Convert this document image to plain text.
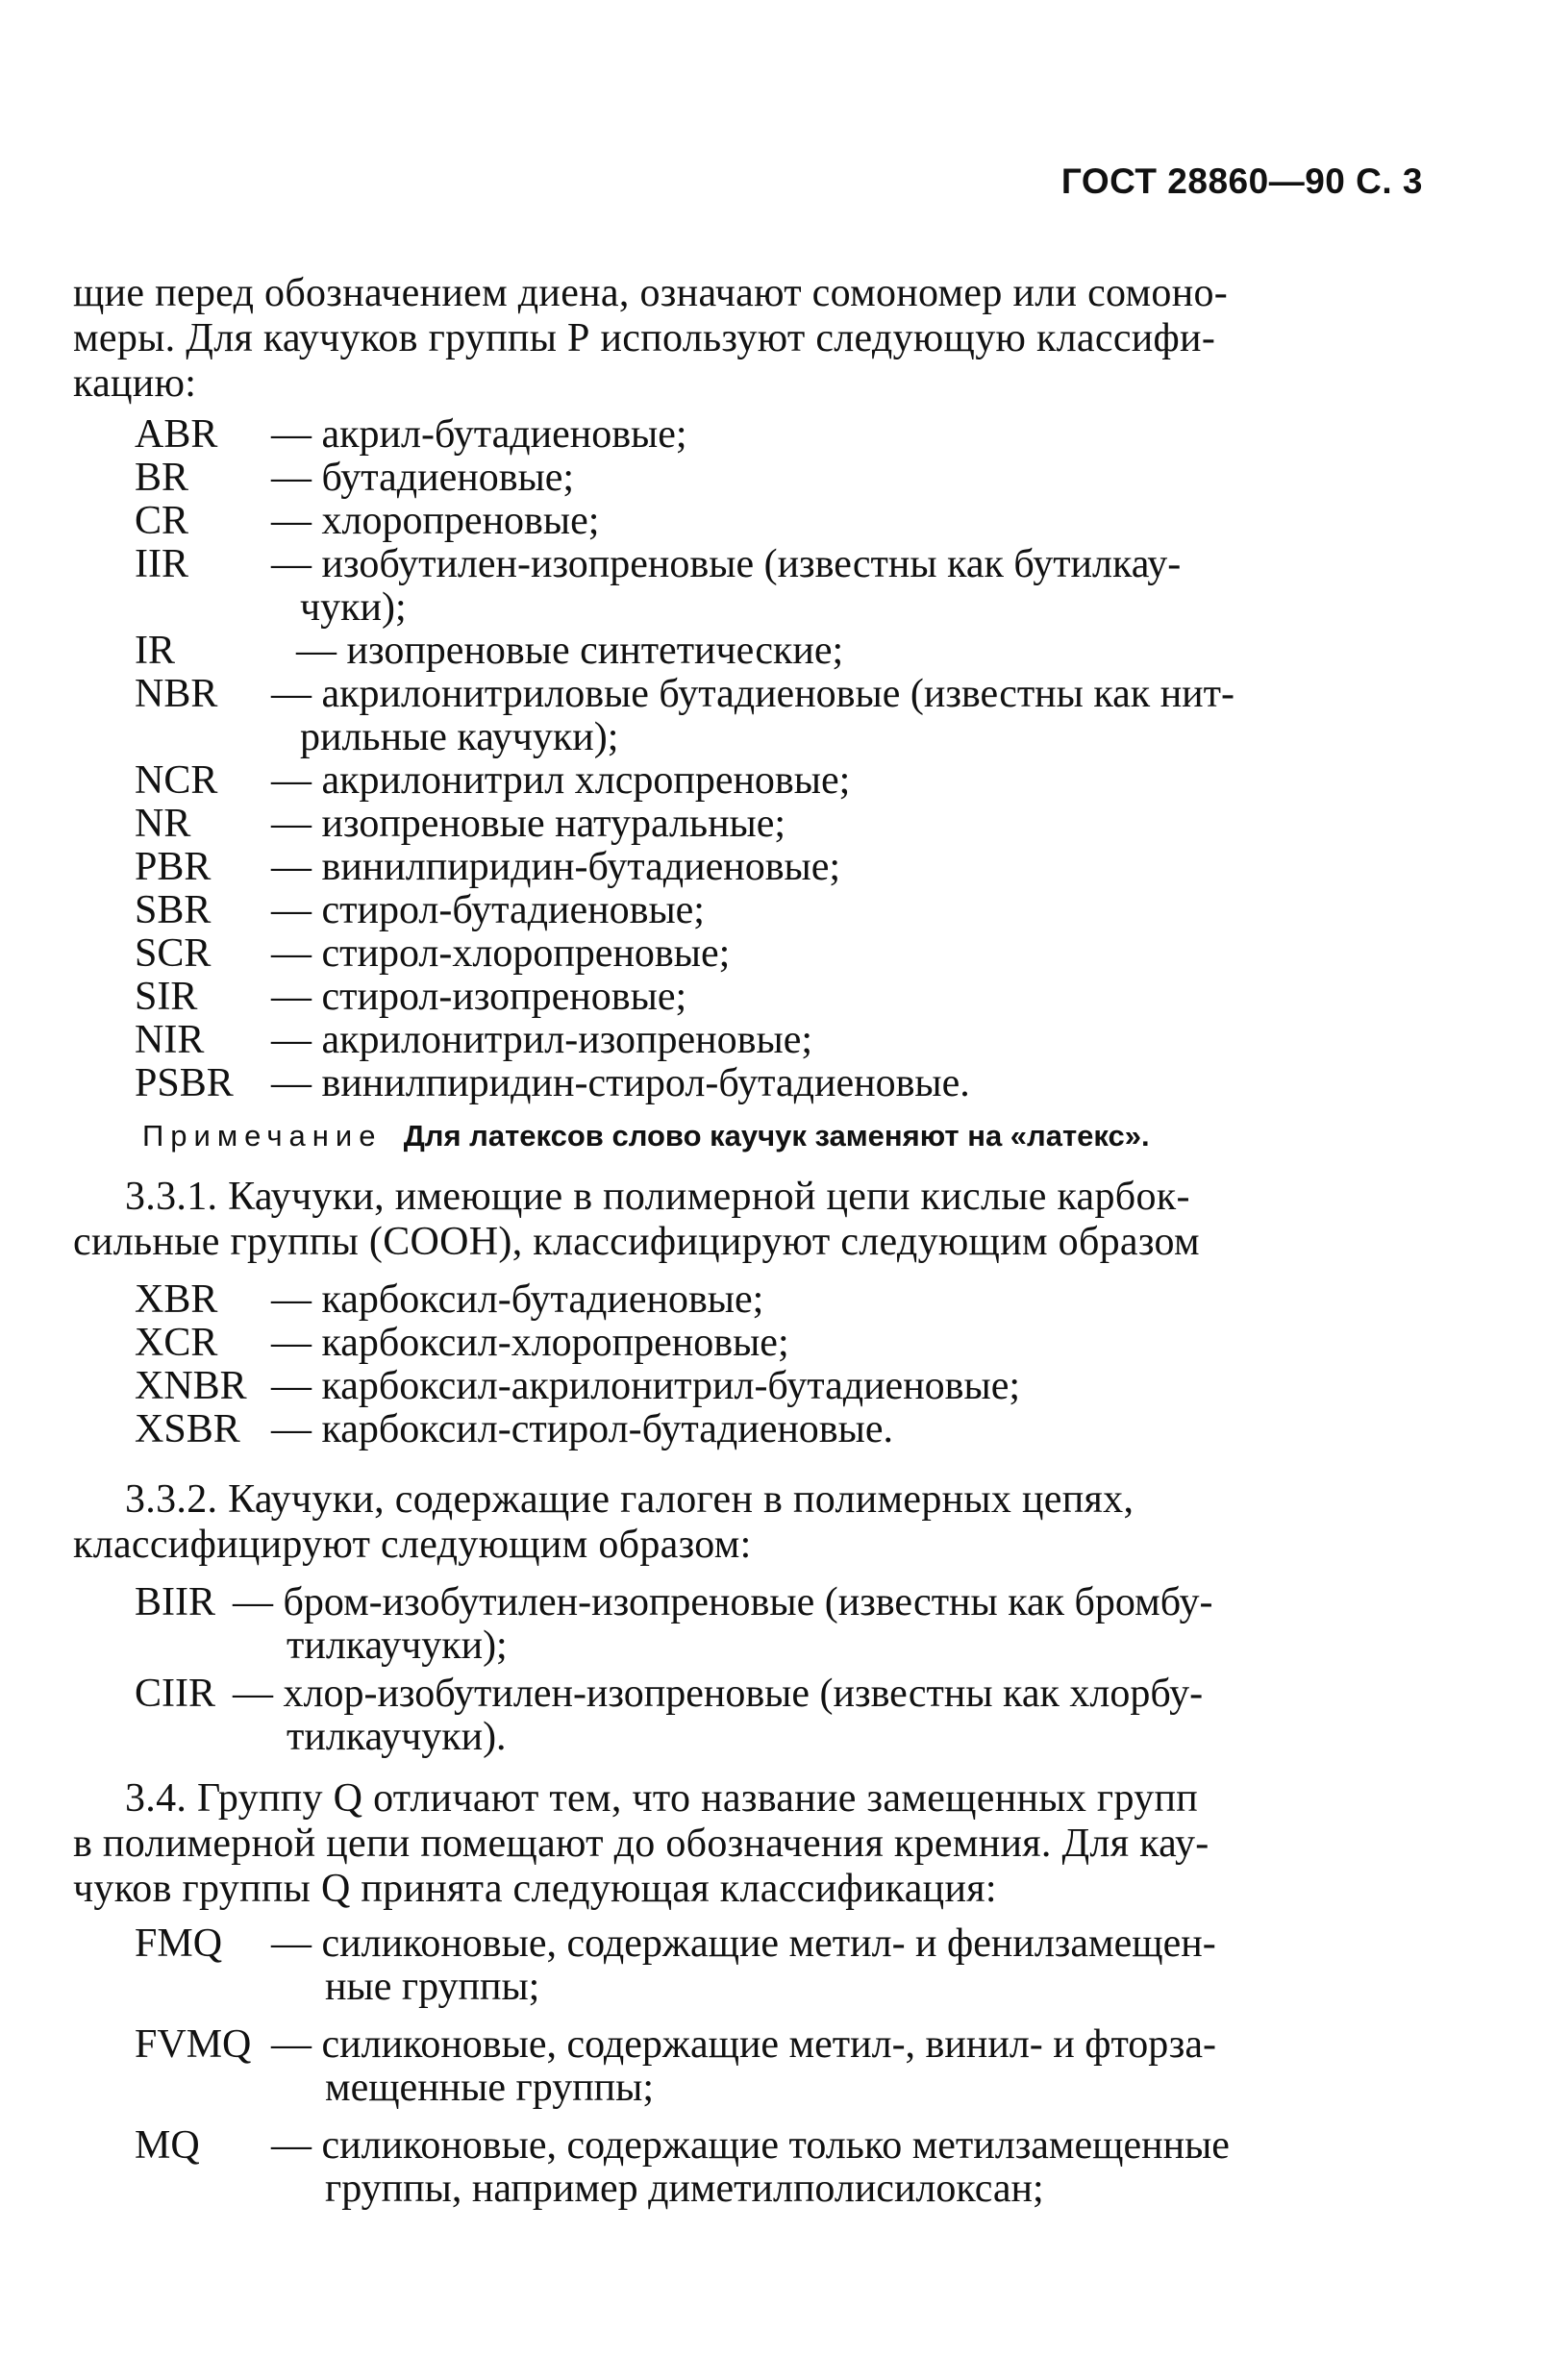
ГОСТ 28860—90 С. 3
щие перед обозначением диена, означают сомономер или сомоно-
меры. Для каучуков группы Р используют следующую классифи-
кацию:
ABR — акрил-бутадиеновые;
BR — бутадиеновые;
CR — хлоропреновые;
IIR — изобутилен-изопреновые (известны как бутилкау-
чуки);
IR	— изопреновые синтетические;
NBR — акрилонитриловые бутадиеновые (известны как нит-
рильные каучуки);
NCR — акрилонитрил хлсропреновые;
NR — изопреновые натуральные;
PBR — винилпиридин-бутадиеновые;
SBR — стирол-бутадиеновые;
SCR — стирол-хлоропреновые;
SIR — стирол-изопреновые;
NIR — акрилонитрил-изопреновые;
PSBR — винилпиридин-стирол-бутадиеновые.
Примечание Для латексов слово каучук заменяют на «латекс».
3.3.1. Каучуки, имеющие в полимерной цепи кислые карбок-
сильные группы (СООН), классифицируют следующим образом
XBR — карбоксил-бутадиеновые;
XCR — карбоксил-хлоропреновые;
XNBR — карбоксил-акрилонитрил-бутадиеновые;
XSBR — карбоксил-стирол-бутадиеновые.
3.3.2. Каучуки, содержащие галоген в полимерных цепях,
классифицируют следующим образом:
BIIR — бром-изобутилен-изопреновые (известны как бромбу-
тилкаучуки);
CIIR — хлор-изобутилен-изопреновые (известны как хлорбу-
тилкаучуки).
3.4. Группу Q отличают тем, что название замещенных групп
в полимерной цепи помещают до обозначения кремния. Для кау-
чуков группы Q принята следующая классификация:
FMQ — силиконовые, содержащие метил- и фенилзамещен-
ные группы;
FVMQ — силиконовые, содержащие метил-, винил- и фторза-
мещенные группы;
MQ — силиконовые, содержащие только метилзамещенные
группы, например диметилполисилоксан;
